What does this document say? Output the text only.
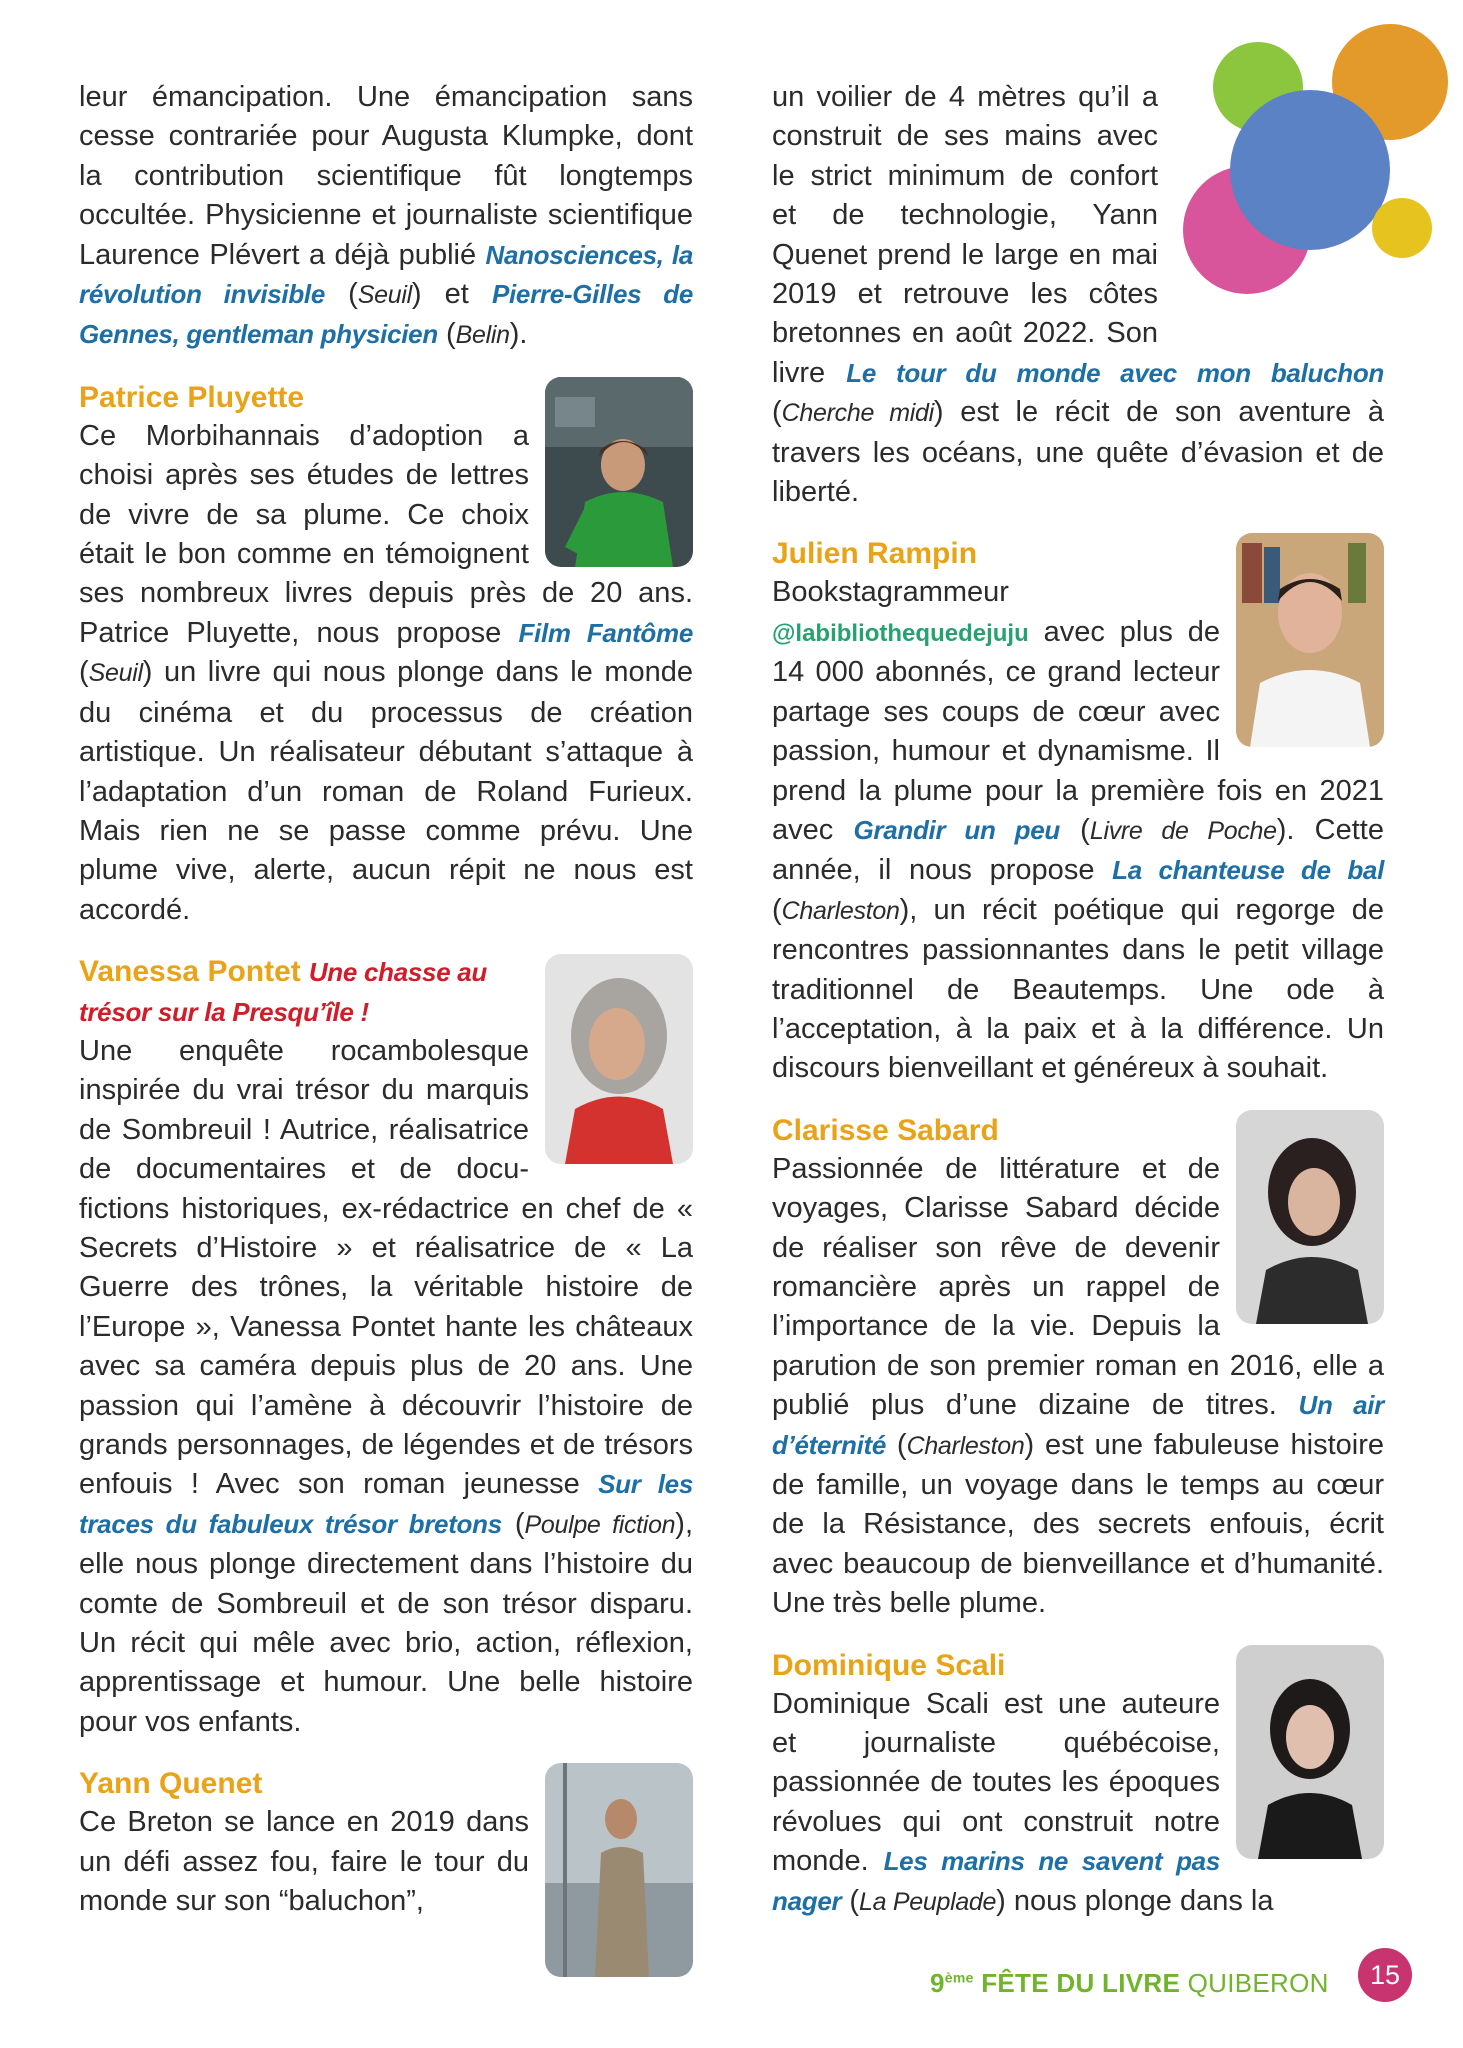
leur émancipation. Une émancipation sans cesse contrariée pour Augusta Klumpke, dont la contribution scientifique fût longtemps occultée. Physicienne et journaliste scientifique Laurence Plévert a déjà publié Nanosciences, la révolution invisible (Seuil) et Pierre-Gilles de Gennes, gentleman physicien (Belin).

Patrice Pluyette

Ce Morbihannais d’adoption a choisi après ses études de lettres de vivre de sa plume. Ce choix était le bon comme en témoignent ses nombreux livres depuis près de 20 ans. Patrice Pluyette, nous propose Film Fantôme (Seuil) un livre qui nous plonge dans le monde du cinéma et du processus de création artistique. Un réalisateur débutant s’attaque à l’adaptation d’un roman de Roland Furieux. Mais rien ne se passe comme prévu. Une plume vive, alerte, aucun répit ne nous est accordé.

Vanessa Pontet Une chasse au trésor sur la Presqu’île !

Une enquête rocambolesque inspirée du vrai trésor du marquis de Sombreuil ! Autrice, réalisatrice de documentaires et de docu-fictions historiques, ex-rédactrice en chef de « Secrets d’Histoire » et réalisatrice de « La Guerre des trônes, la véritable histoire de l’Europe », Vanessa Pontet hante les châteaux avec sa caméra depuis plus de 20 ans. Une passion qui l’amène à découvrir l’histoire de grands personnages, de légendes et de trésors enfouis ! Avec son roman jeunesse Sur les traces du fabuleux trésor bretons (Poulpe fiction), elle nous plonge directement dans l’histoire du comte de Sombreuil et de son trésor disparu. Un récit qui mêle avec brio, action, réflexion, apprentissage et humour. Une belle histoire pour vos enfants.

Yann Quenet

Ce Breton se lance en 2019 dans un défi assez fou, faire le tour du monde sur son “baluchon”,

un voilier de 4 mètres qu’il a construit de ses mains avec le strict minimum de confort et de technologie, Yann Quenet prend le large en mai 2019 et retrouve les côtes bretonnes en août 2022. Son livre Le tour du monde avec mon baluchon (Cherche midi) est le récit de son aventure à travers les océans, une quête d’évasion et de liberté.

Julien Rampin

Bookstagrammeur @labibliothequedejuju avec plus de 14 000 abonnés, ce grand lecteur partage ses coups de cœur avec passion, humour et dynamisme. Il prend la plume pour la première fois en 2021 avec Grandir un peu (Livre de Poche). Cette année, il nous propose La chanteuse de bal (Charleston), un récit poétique qui regorge de rencontres passionnantes dans le petit village traditionnel de Beautemps. Une ode à l’acceptation, à la paix et à la différence. Un discours bienveillant et généreux à souhait.

Clarisse Sabard

Passionnée de littérature et de voyages, Clarisse Sabard décide de réaliser son rêve de devenir romancière après un rappel de l’importance de la vie. Depuis la parution de son premier roman en 2016, elle a publié plus d’une dizaine de titres. Un air d’éternité (Charleston) est une fabuleuse histoire de famille, un voyage dans le temps au cœur de la Résistance, des secrets enfouis, écrit avec beaucoup de bienveillance et d’humanité. Une très belle plume.

Dominique Scali

Dominique Scali est une auteure et journaliste québécoise, passionnée de toutes les époques révolues qui ont construit notre monde. Les marins ne savent pas nager (La Peuplade) nous plonge dans la

9ème FÊTE DU LIVRE QUIBERON	15
